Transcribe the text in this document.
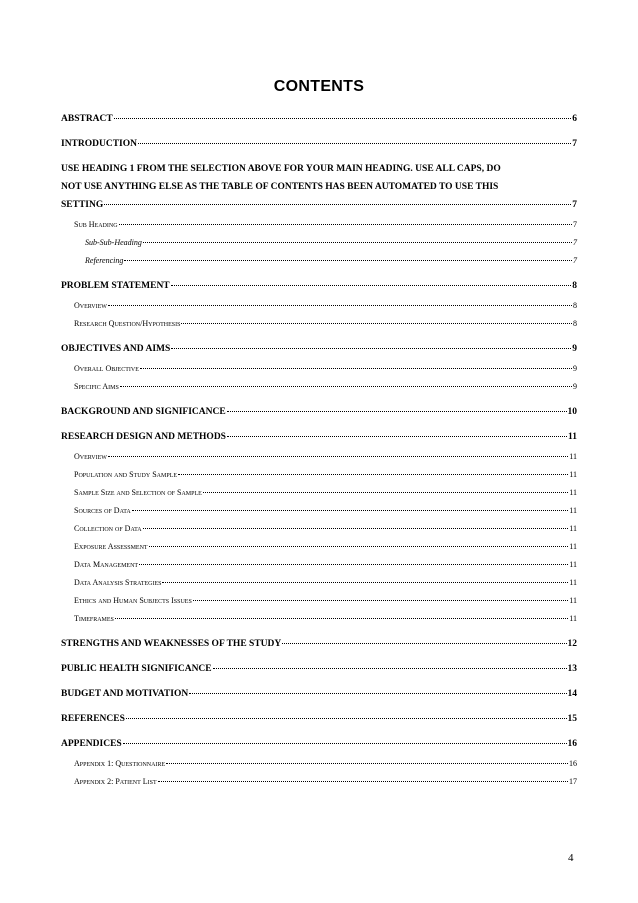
CONTENTS
ABSTRACT	6
INTRODUCTION	7
USE HEADING 1 FROM THE SELECTION ABOVE FOR YOUR MAIN HEADING. USE ALL CAPS, DO
NOT USE ANYTHING ELSE AS THE TABLE OF CONTENTS HAS BEEN AUTOMATED TO USE THIS
SETTING	7
Sub Heading	7
Sub-Sub-Heading	7
Referencing	7
PROBLEM STATEMENT	8
Overview	8
Research Question/Hypothesis	8
OBJECTIVES AND AIMS	9
Overall Objective	9
Specific Aims	9
BACKGROUND AND SIGNIFICANCE	10
RESEARCH DESIGN AND METHODS	11
Overview	11
Population and Study Sample	11
Sample Size and Selection of Sample	11
Sources of Data	11
Collection of Data	11
Exposure Assessment	11
Data Management	11
Data Analysis Strategies	11
Ethics and Human Subjects Issues	11
Timeframes	11
STRENGTHS AND WEAKNESSES OF THE STUDY	12
PUBLIC HEALTH SIGNIFICANCE	13
BUDGET AND MOTIVATION	14
REFERENCES	15
APPENDICES	16
Appendix 1: Questionnaire	16
Appendix 2: Patient List	17
4
